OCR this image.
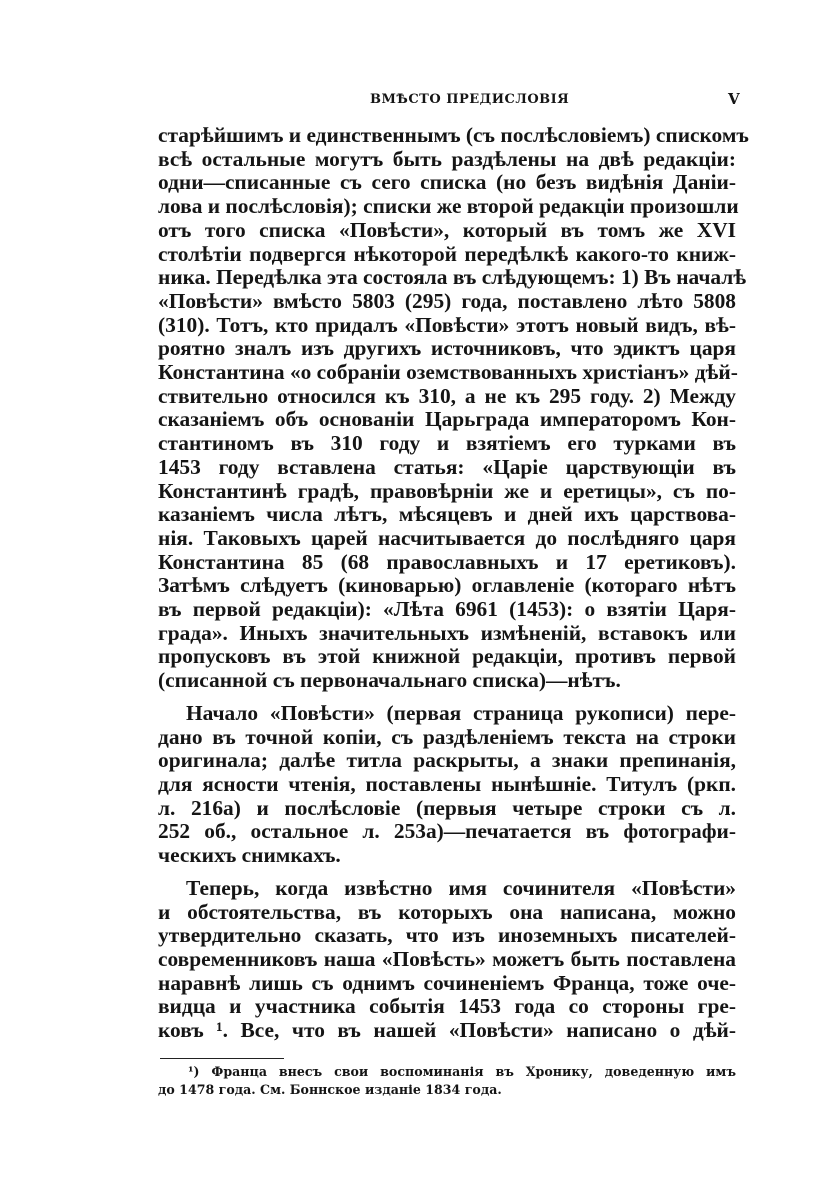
ВМѢСТО ПРЕДИСЛОВІЯ	V
старѣйшимъ и единственнымъ (съ послѣсловіемъ) спискомъ
всѣ остальные могутъ быть раздѣлены на двѣ редакціи:
одни—списанные съ сего списка (но безъ видѣнія Даніи-
лова и послѣсловія); списки же второй редакціи произошли
отъ того списка «Повѣсти», который въ томъ же XVI
столѣтіи подвергся нѣкоторой передѣлкѣ какого-то книж-
ника. Передѣлка эта состояла въ слѣдующемъ: 1) Въ началѣ
«Повѣсти» вмѣсто 5803 (295) года, поставлено лѣто 5808
(310). Тотъ, кто придалъ «Повѣсти» этотъ новый видъ, вѣ-
роятно зналъ изъ другихъ источниковъ, что эдиктъ царя
Константина «о собраніи оземствованныхъ христіанъ» дѣй-
ствительно относился къ 310, а не къ 295 году. 2) Между
сказаніемъ объ основаніи Царьграда императоромъ Кон-
стантиномъ въ 310 году и взятіемъ его турками въ
1453 году вставлена статья: «Царіе царствующіи въ
Константинѣ градѣ, правовѣрніи же и еретицы», съ по-
казаніемъ числа лѣтъ, мѣсяцевъ и дней ихъ царствова-
нія. Таковыхъ царей насчитывается до послѣдняго царя
Константина 85 (68 православныхъ и 17 еретиковъ).
Затѣмъ слѣдуетъ (киноварью) оглавленіе (котораго нѣтъ
въ первой редакціи): «Лѣта 6961 (1453): о взятіи Царя-
града». Иныхъ значительныхъ измѣненій, вставокъ или
пропусковъ въ этой книжной редакціи, противъ первой
(списанной съ первоначальнаго списка)—нѣтъ.
Начало «Повѣсти» (первая страница рукописи) пере-
дано въ точной копіи, съ раздѣленіемъ текста на строки
оригинала; далѣе титла раскрыты, а знаки препинанія,
для ясности чтенія, поставлены нынѣшніе. Титулъ (ркп.
л. 216а) и послѣсловіе (первыя четыре строки съ л.
252 об., остальное л. 253а)—печатается въ фотографи-
ческихъ снимкахъ.
Теперь, когда извѣстно имя сочинителя «Повѣсти»
и обстоятельства, въ которыхъ она написана, можно
утвердительно сказать, что изъ иноземныхъ писателей-
современниковъ наша «Повѣсть» можетъ быть поставлена
наравнѣ лишь съ однимъ сочиненіемъ Франца, тоже оче-
видца и участника событія 1453 года со стороны гре-
ковъ ¹. Все, что въ нашей «Повѣсти» написано о дѣй-
¹) Франца внесъ свои воспоминанія въ Хронику, доведенную имъ
до 1478 года. См. Боннское изданіе 1834 года.
